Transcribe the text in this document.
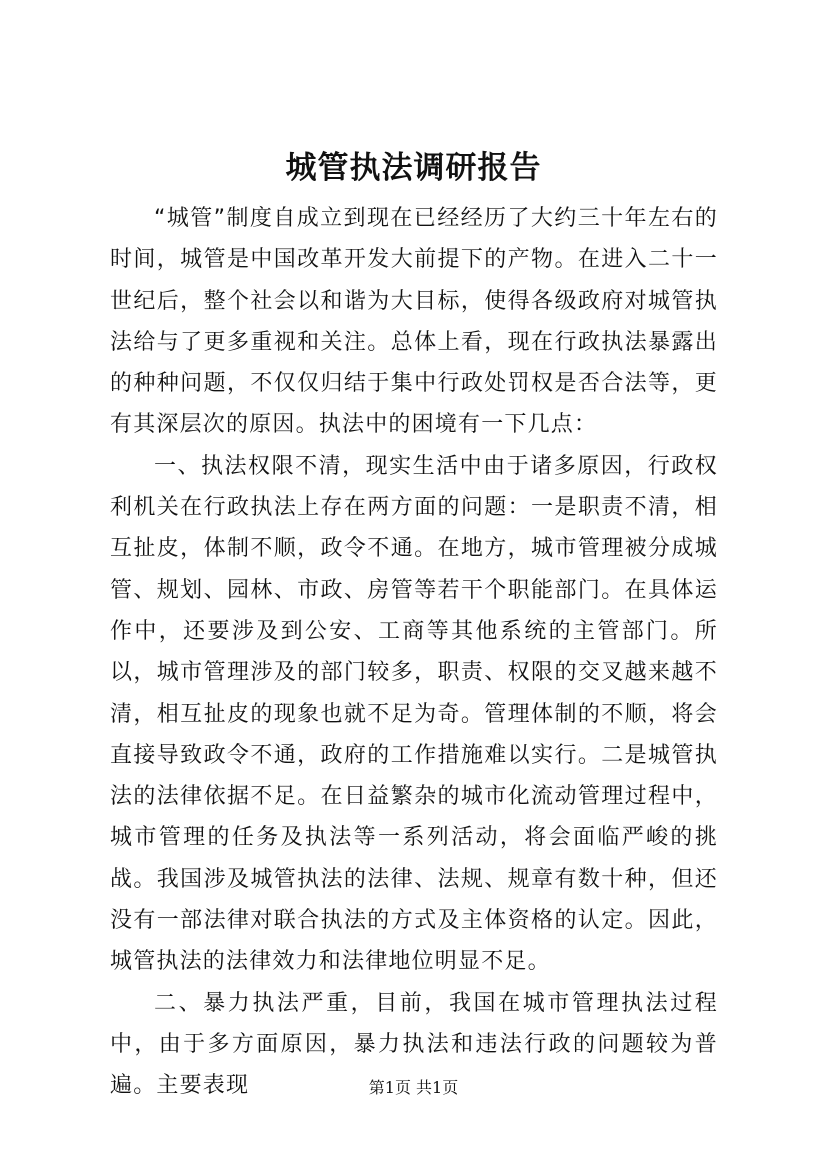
城管执法调研报告

“城管”制度自成立到现在已经经历了大约三十年左右的时间，城管是中国改革开发大前提下的产物。在进入二十一世纪后，整个社会以和谐为大目标，使得各级政府对城管执法给与了更多重视和关注。总体上看，现在行政执法暴露出的种种问题，不仅仅归结于集中行政处罚权是否合法等，更有其深层次的原因。执法中的困境有一下几点：

一、执法权限不清，现实生活中由于诸多原因，行政权利机关在行政执法上存在两方面的问题：一是职责不清，相互扯皮，体制不顺，政令不通。在地方，城市管理被分成城管、规划、园林、市政、房管等若干个职能部门。在具体运作中，还要涉及到公安、工商等其他系统的主管部门。所以，城市管理涉及的部门较多，职责、权限的交叉越来越不清，相互扯皮的现象也就不足为奇。管理体制的不顺，将会直接导致政令不通，政府的工作措施难以实行。二是城管执法的法律依据不足。在日益繁杂的城市化流动管理过程中，城市管理的任务及执法等一系列活动，将会面临严峻的挑战。我国涉及城管执法的法律、法规、规章有数十种，但还没有一部法律对联合执法的方式及主体资格的认定。因此，城管执法的法律效力和法律地位明显不足。

二、暴力执法严重，目前，我国在城市管理执法过程中，由于多方面原因，暴力执法和违法行政的问题较为普遍。主要表现	第1页 共1页
